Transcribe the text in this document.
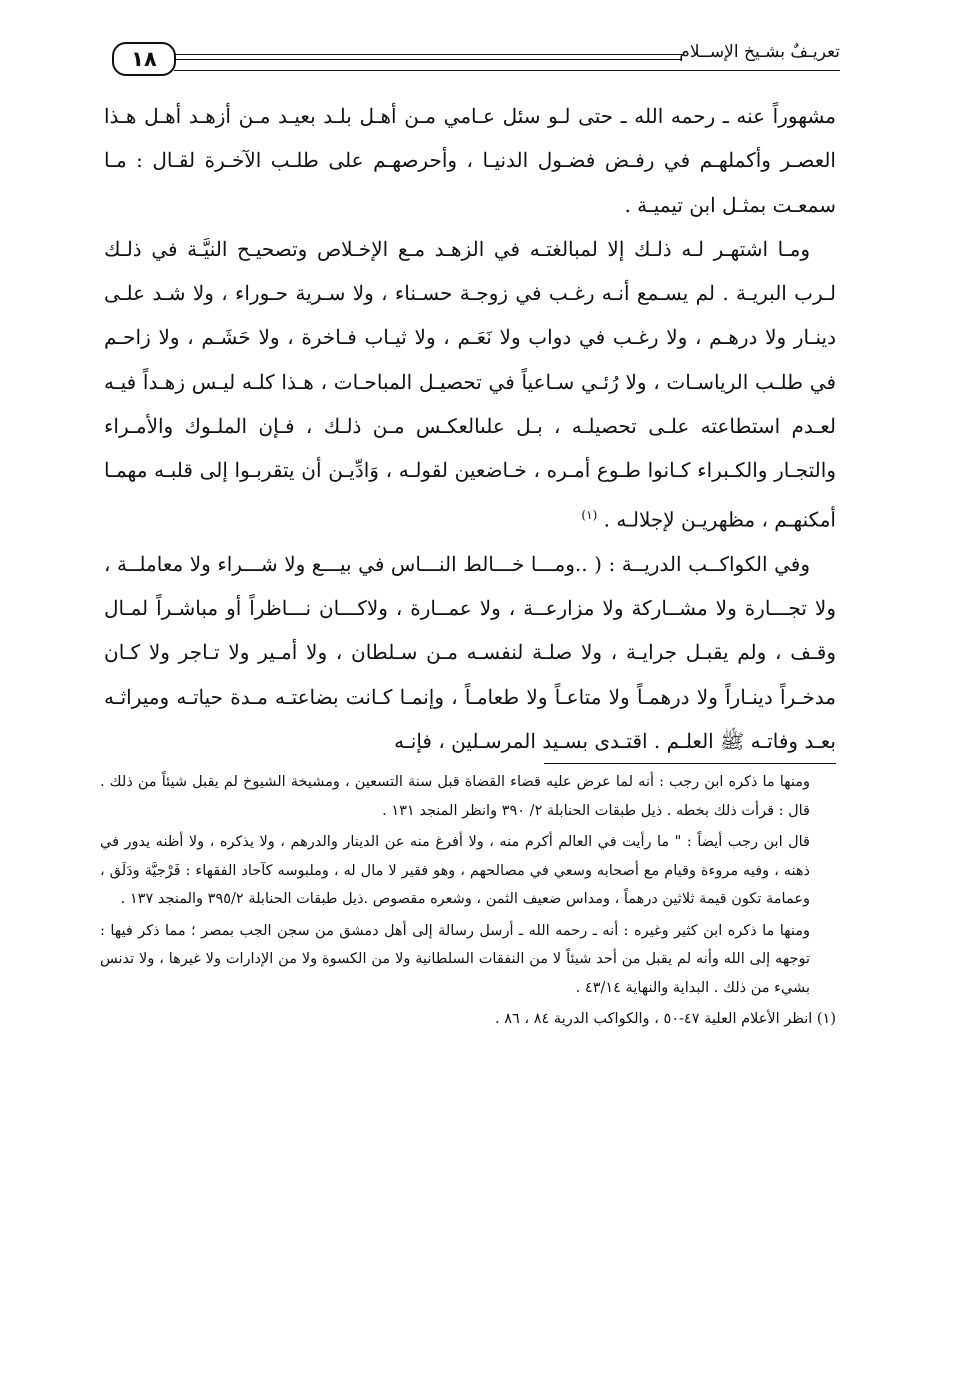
١٨	تعريـفٌ بشـيخ الإســلام

مشهوراً عنه ـ رحمه الله ـ حتى لـو سئل عـامي مـن أهـل بلـد بعيـد مـن أزهـد أهـل هـذا العصـر وأكملهـم في رفـض فضـول الدنيـا ، وأحرصهـم على طلـب الآخـرة لقـال : مـا سمعـت بمثـل ابن تيميـة .

ومـا اشتهـر لـه ذلـك إلا لمبالغتـه في الزهـد مـع الإخـلاص وتصحيـح النيَّـة في ذلـك لـرب البريـة . لم يسـمع أنـه رغـب في زوجـة حسـناء ، ولا سـرية حـوراء ، ولا شـد علـى دينـار ولا درهـم ، ولا رغـب في دواب ولا نَعَـم ، ولا ثيـاب فـاخرة ، ولا حَشَـم ، ولا زاحـم في طلـب الرياسـات ، ولا رُئـي سـاعياً في تحصيـل المباحـات ، هـذا كلـه ليـس زهـداً فيـه لعـدم استطاعته علـى تحصيلـه ، بـل علىالعكـس مـن ذلـك ، فـإن الملـوك والأمـراء والتجـار والكـبراء كـانوا طـوع أمـره ، خـاضعين لقولـه ، وَادِّيـن أن يتقربـوا إلى قلبـه مهمـا أمكنهـم ، مظهريـن لإجلالـه . $^{(١)}$

وفي الكواكــب الدريــة : ( ..ومـــا خـــالط النـــاس في بيـــع ولا شـــراء ولا معاملــة ، ولا تجـــارة ولا مشــاركة ولا مزارعــة ، ولا عمــارة ، ولاكـــان نـــاظراً أو مباشـراً لمـال وقـف ، ولم يقبـل جرايـة ، ولا صلـة لنفسـه مـن سـلطان ، ولا أمـير ولا تـاجر ولا كـان مدخـراً دينـاراً ولا درهمـاً ولا متاعـاً ولا طعامـاً ، وإنمـا كـانت بضاعتـه مـدة حياتـه وميراثـه بعـد وفاتـه ﷺ العلـم . اقتـدى بسـيد المرسـلين ، فإنـه

ومنها ما ذكره ابن رجب : أنه لما عرض عليه قضاء القضاة قبل سنة التسعين ، ومشيخة الشيوخ لم يقبل شيئاً من ذلك . قال : قرأت ذلك بخطه . ذيل طبقات الحنابلة ٢/ ٣٩٠ وانظر المنجد ١٣١ .

قال ابن رجب أيضاً : " ما رأيت في العالم أكرم منه ، ولا أفرغ منه عن الدينار والدرهم ، ولا يذكره ، ولا أظنه يدور في ذهنه ، وفيه مروءة وقيام مع أصحابه وسعي في مصالحهم ، وهو فقير لا مال له ، وملبوسه كآحاد الفقهاء : فَرْجيَّة ودَلَق ، وعمامة تكون قيمة ثلاثين درهماً ، ومداس ضعيف الثمن ، وشعره مقصوص .ذيل طبقات الحنابلة ٣٩٥/٢ والمنجد ١٣٧ .

ومنها ما ذكره ابن كثير وغيره : أنه ـ رحمه الله ـ أرسل رسالة إلى أهل دمشق من سجن الجب بمصر ؛ مما ذكر فيها : توجهه إلى الله وأنه لم يقبل من أحد شيئاً لا من النفقات السلطانية ولا من الكسوة ولا من الإدارات ولا غيرها ، ولا تدنس بشيء من ذلك . البداية والنهاية ٤٣/١٤ .

(١) انظر الأعلام العلية ٤٧-٥٠ ، والكواكب الدرية ٨٤ ، ٨٦ .
